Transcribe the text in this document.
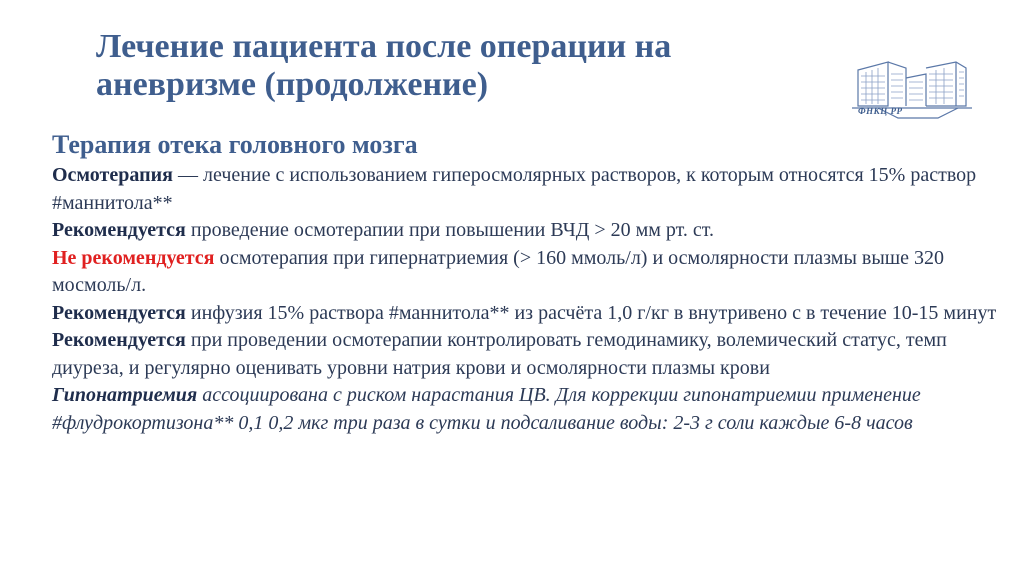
Лечение пациента после операции на
аневризме (продолжение)
ФНКЦ РР
Терапия отека головного мозга

Осмотерапия — лечение с использованием гиперосмолярных растворов, к которым относятся 15% раствор #маннитола**

Рекомендуется проведение осмотерапии при повышении ВЧД > 20 мм рт. ст.

Не рекомендуется осмотерапия при гипернатриемия (> 160 ммоль/л) и осмолярности плазмы выше 320 мосмоль/л.

Рекомендуется инфузия 15% раствора #маннитола** из расчёта 1,0 г/кг в внутривено с в течение 10-15 минут

Рекомендуется при проведении осмотерапии контролировать гемодинамику, волемический статус, темп диуреза, и регулярно оценивать уровни натрия крови и осмолярности плазмы крови

Гипонатриемия ассоциирована с риском нарастания ЦВ. Для коррекции гипонатриемии применение #флудрокортизона** 0,1 0,2 мкг три раза в сутки и подсаливание воды: 2-3 г соли каждые 6-8 часов
